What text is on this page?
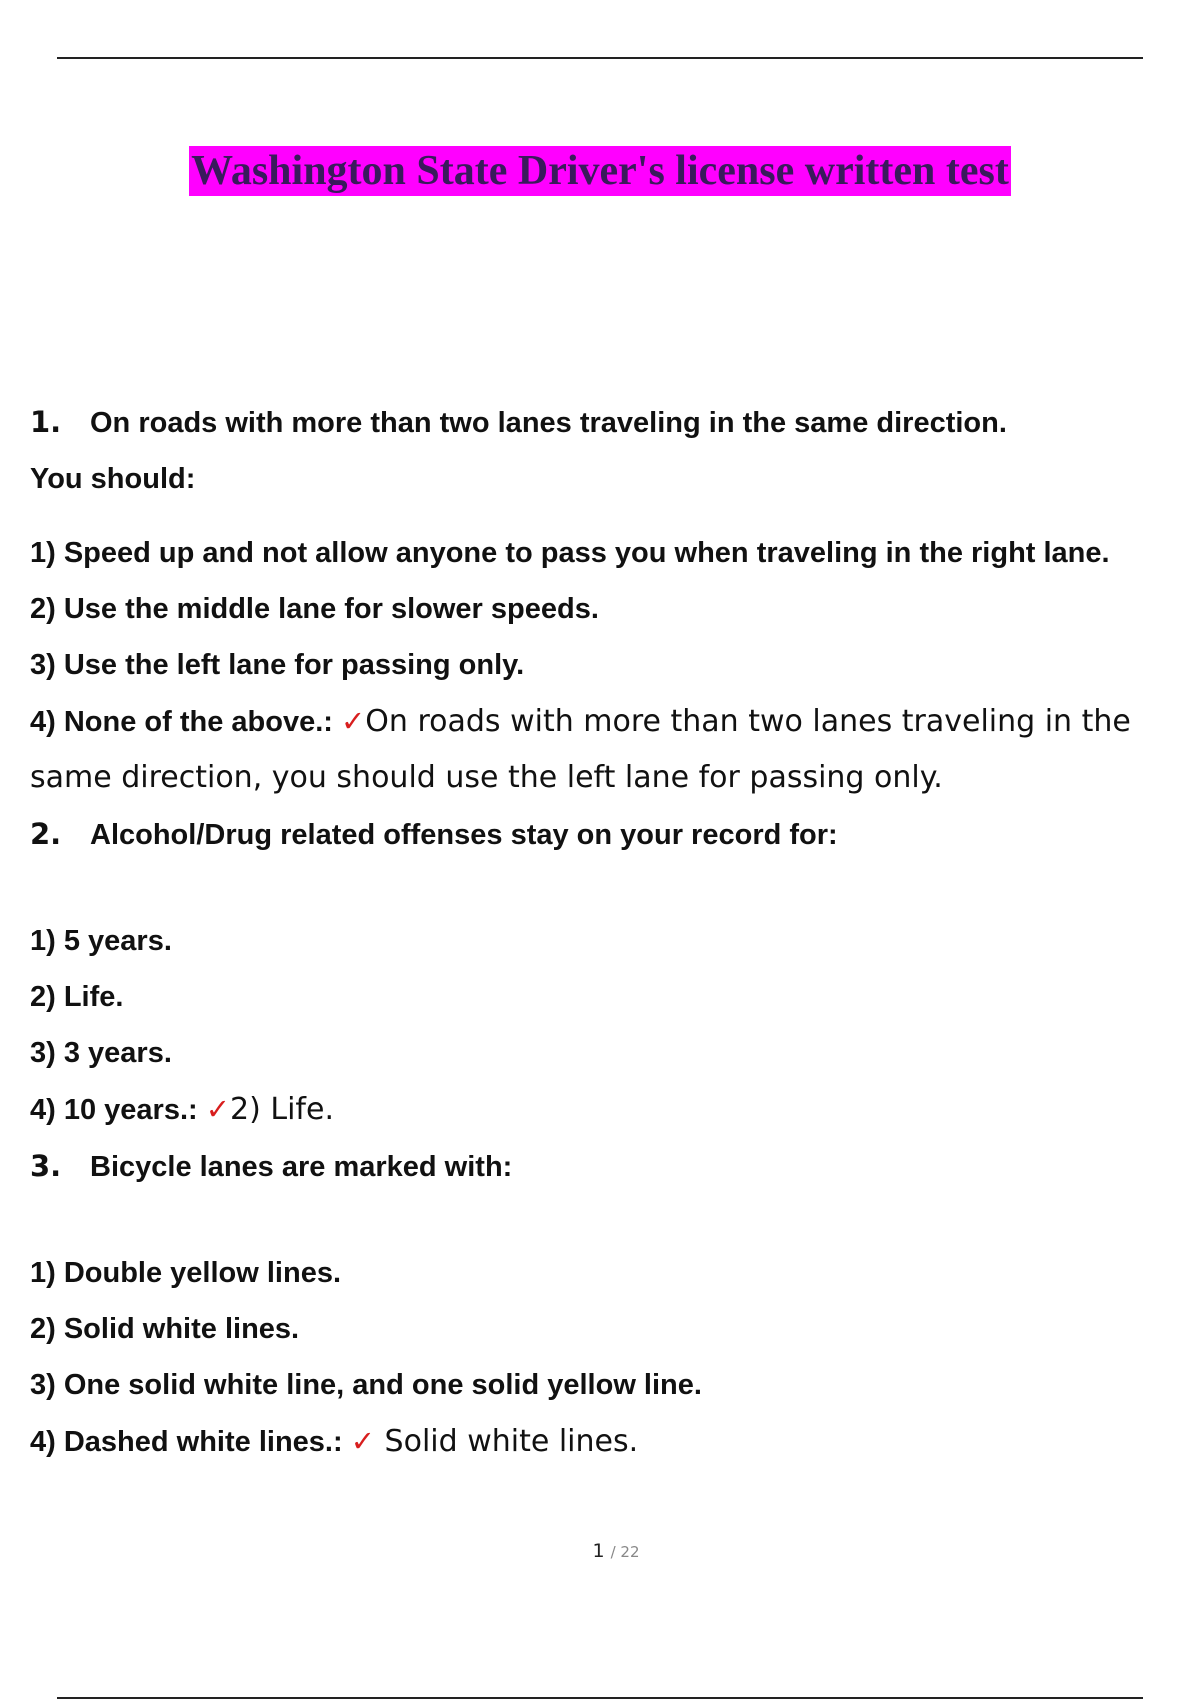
Washington State Driver's license written test
1. On roads with more than two lanes traveling in the same direction.
You should:
1) Speed up and not allow anyone to pass you when traveling in the right lane.
2) Use the middle lane for slower speeds.
3) Use the left lane for passing only.
4) None of the above.: ✓On roads with more than two lanes traveling in the same direction, you should use the left lane for passing only.
2. Alcohol/Drug related offenses stay on your record for:
1) 5 years.
2) Life.
3) 3 years.
4) 10 years.: ✓2) Life.
3. Bicycle lanes are marked with:
1) Double yellow lines.
2) Solid white lines.
3) One solid white line, and one solid yellow line.
4) Dashed white lines.: ✓ Solid white lines.
1 / 22
